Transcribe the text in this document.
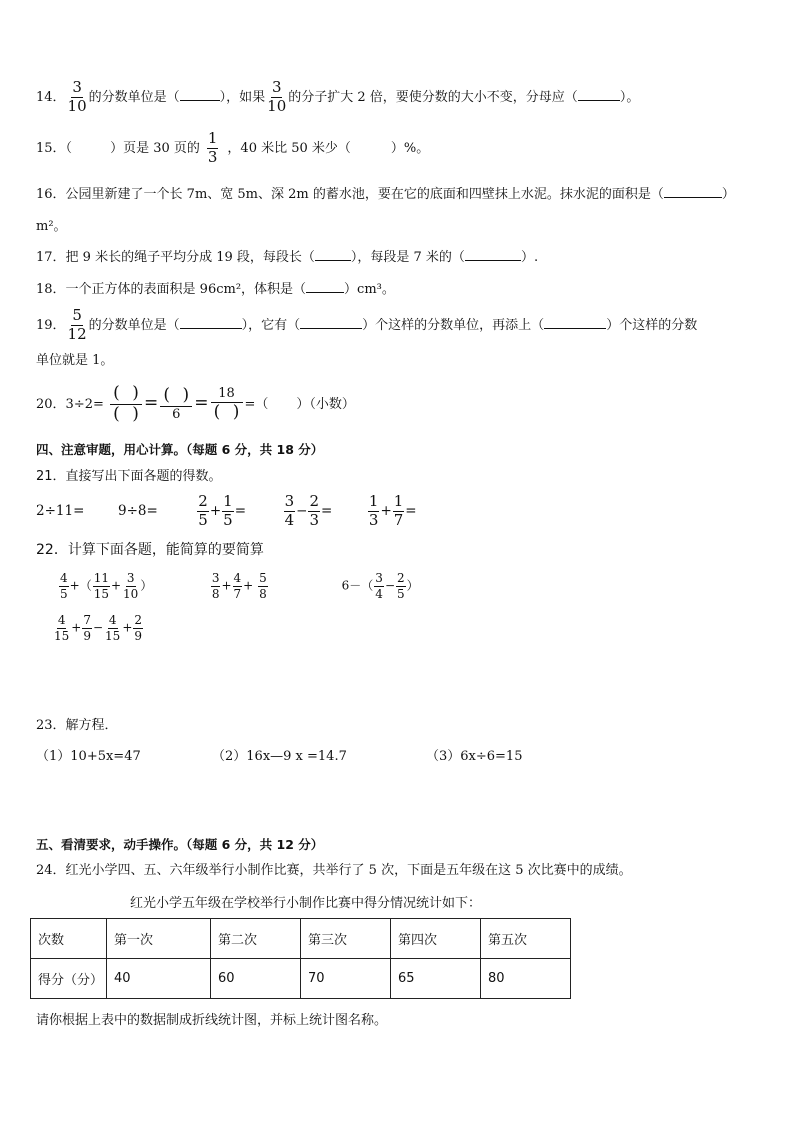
14． $\frac{3}{10}$ 的分数单位是（	），如果 $\frac{3}{10}$ 的分子扩大 2 倍，要使分数的大小不变，分母应（	）。
15．（	）页是 30 页的 $\frac{1}{3}$ ，40 米比 50 米少（	）%。
16．公园里新建了一个长 7m、宽 5m、深 2m 的蓄水池，要在它的底面和四壁抹上水泥。抹水泥的面积是（	）
m²。
17．把 9 米长的绳子平均分成 19 段，每段长（	），每段是 7 米的（	）.
18．一个正方体的表面积是 96cm²，体积是（	）cm³。
19． $\frac{5}{12}$ 的分数单位是（	），它有（	）个这样的分数单位，再添上（	）个这样的分数
单位就是 1。
20．$3\div 2= \frac{( )}{( )} = \frac{( )}{6} = \frac{18}{( )}$ =（ ）（小数）
四、注意审题，用心计算。（每题 6 分，共 18 分）
21．直接写出下面各题的得数。
2÷11= 9÷8=	$\frac{2}{5} + \frac{1}{5}$ =	$\frac{3}{4} - \frac{2}{3} = \frac{1}{3} + \frac{1}{7}$ =
22．计算下面各题，能简算的要简算
$\frac{4}{5}$ +（ $\frac{11}{15} + \frac{3}{10}$ ）	$\frac{3}{8} + \frac{4}{7} + \frac{5}{8}$	$6-( \frac{3}{4} - \frac{2}{5}$ ）
$\frac{4}{15} + \frac{7}{9} - \frac{4}{15} + \frac{2}{9}$
23．解方程．
（1）10+5x=47	（2）16x—9 x =14.7	（3）6x÷6=15
五、看清要求，动手操作。（每题 6 分，共 12 分）
24．红光小学四、五、六年级举行小制作比赛，共举行了 5 次，下面是五年级在这 5 次比赛中的成绩。
红光小学五年级在学校举行小制作比赛中得分情况统计如下：
次数	第一次	第二次	第三次	第四次	第五次
得分（分）	40	60	70	65	80
请你根据上表中的数据制成折线统计图，并标上统计图名称。
